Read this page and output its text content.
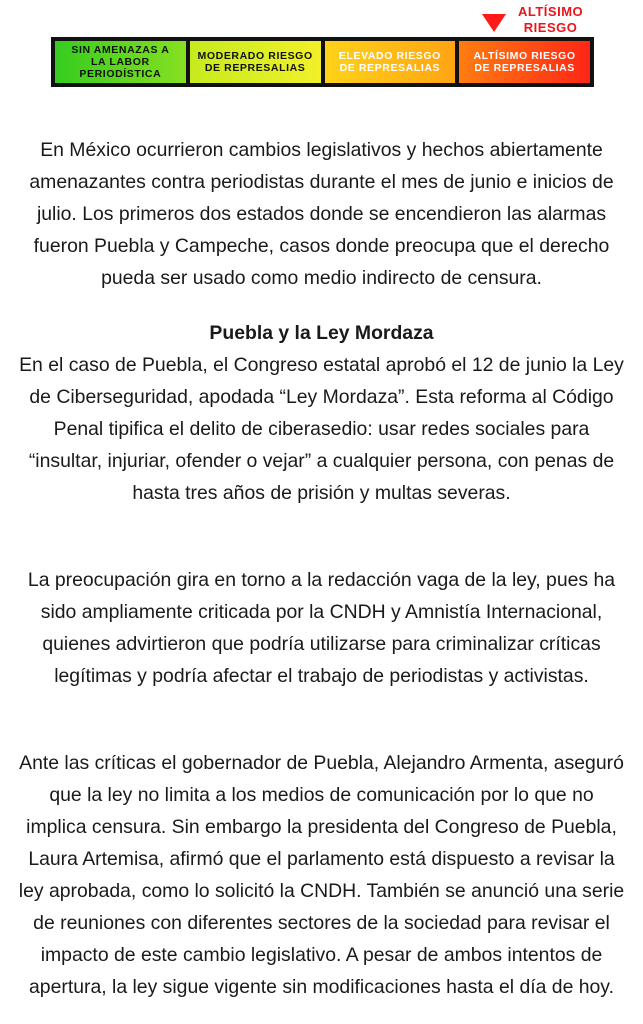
ALTÍSIMO
RIESGO
SIN AMENAZAS A
LA LABOR
PERIODÍSTICA
MODERADO RIESGO
DE REPRESALIAS
ELEVADO RIESGO
DE REPRESALIAS
ALTÍSIMO RIESGO
DE REPRESALIAS

En México ocurrieron cambios legislativos y hechos abiertamente amenazantes contra periodistas durante el mes de junio e inicios de julio. Los primeros dos estados donde se encendieron las alarmas fueron Puebla y Campeche, casos donde preocupa que el derecho pueda ser usado como medio indirecto de censura.

Puebla y la Ley Mordaza

En el caso de Puebla, el Congreso estatal aprobó el 12 de junio la Ley de Ciberseguridad, apodada “Ley Mordaza”. Esta reforma al Código Penal tipifica el delito de ciberasedio: usar redes sociales para “insultar, injuriar, ofender o vejar” a cualquier persona, con penas de hasta tres años de prisión y multas severas.

La preocupación gira en torno a la redacción vaga de la ley, pues ha sido ampliamente criticada por la CNDH y Amnistía Internacional, quienes advirtieron que podría utilizarse para criminalizar críticas legítimas y podría afectar el trabajo de periodistas y activistas.

Ante las críticas el gobernador de Puebla, Alejandro Armenta, aseguró que la ley no limita a los medios de comunicación por lo que no implica censura. Sin embargo la presidenta del Congreso de Puebla, Laura Artemisa, afirmó que el parlamento está dispuesto a revisar la ley aprobada, como lo solicitó la CNDH. También se anunció una serie de reuniones con diferentes sectores de la sociedad para revisar el impacto de este cambio legislativo. A pesar de ambos intentos de apertura, la ley sigue vigente sin modificaciones hasta el día de hoy.
